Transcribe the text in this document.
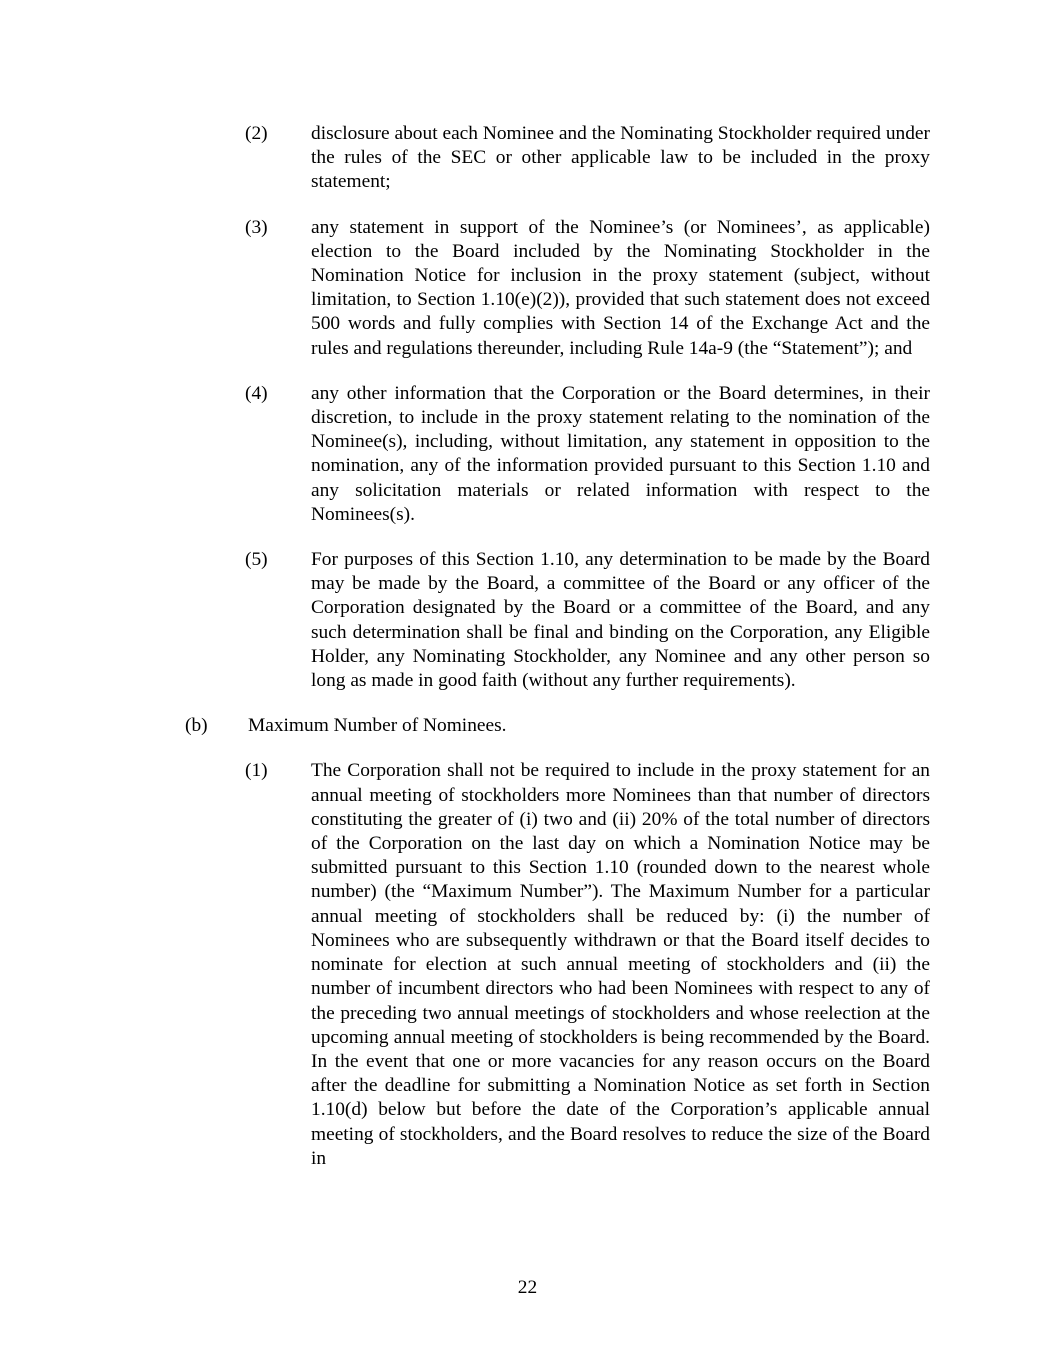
(2) disclosure about each Nominee and the Nominating Stockholder required under the rules of the SEC or other applicable law to be included in the proxy statement;
(3) any statement in support of the Nominee’s (or Nominees’, as applicable) election to the Board included by the Nominating Stockholder in the Nomination Notice for inclusion in the proxy statement (subject, without limitation, to Section 1.10(e)(2)), provided that such statement does not exceed 500 words and fully complies with Section 14 of the Exchange Act and the rules and regulations thereunder, including Rule 14a-9 (the “Statement”); and
(4) any other information that the Corporation or the Board determines, in their discretion, to include in the proxy statement relating to the nomination of the Nominee(s), including, without limitation, any statement in opposition to the nomination, any of the information provided pursuant to this Section 1.10 and any solicitation materials or related information with respect to the Nominees(s).
(5) For purposes of this Section 1.10, any determination to be made by the Board may be made by the Board, a committee of the Board or any officer of the Corporation designated by the Board or a committee of the Board, and any such determination shall be final and binding on the Corporation, any Eligible Holder, any Nominating Stockholder, any Nominee and any other person so long as made in good faith (without any further requirements).
(b) Maximum Number of Nominees.
(1) The Corporation shall not be required to include in the proxy statement for an annual meeting of stockholders more Nominees than that number of directors constituting the greater of (i) two and (ii) 20% of the total number of directors of the Corporation on the last day on which a Nomination Notice may be submitted pursuant to this Section 1.10 (rounded down to the nearest whole number) (the “Maximum Number”). The Maximum Number for a particular annual meeting of stockholders shall be reduced by: (i) the number of Nominees who are subsequently withdrawn or that the Board itself decides to nominate for election at such annual meeting of stockholders and (ii) the number of incumbent directors who had been Nominees with respect to any of the preceding two annual meetings of stockholders and whose reelection at the upcoming annual meeting of stockholders is being recommended by the Board. In the event that one or more vacancies for any reason occurs on the Board after the deadline for submitting a Nomination Notice as set forth in Section 1.10(d) below but before the date of the Corporation’s applicable annual meeting of stockholders, and the Board resolves to reduce the size of the Board in
22
